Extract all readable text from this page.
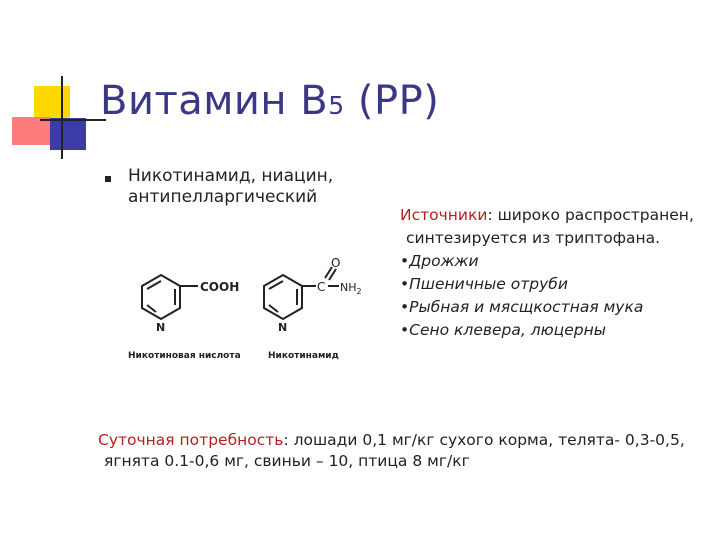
Витамин В5 (РР)
Никотинамид, ниацин,
антипелларгический
COOH
N
C
O
$NH_2$
N
Никотиновая нислота	Никотинамид
Источники: широко распространен,
синтезируется из триптофана.
•Дрожжи
•Пшеничные отруби
•Рыбная и мясщкостная мука
•Сено клевера, люцерны
Суточная потребность: лошади 0,1 мг/кг сухого корма, телята- 0,3-0,5,
ягнята 0.1-0,6 мг, свиньи – 10, птица 8 мг/кг
